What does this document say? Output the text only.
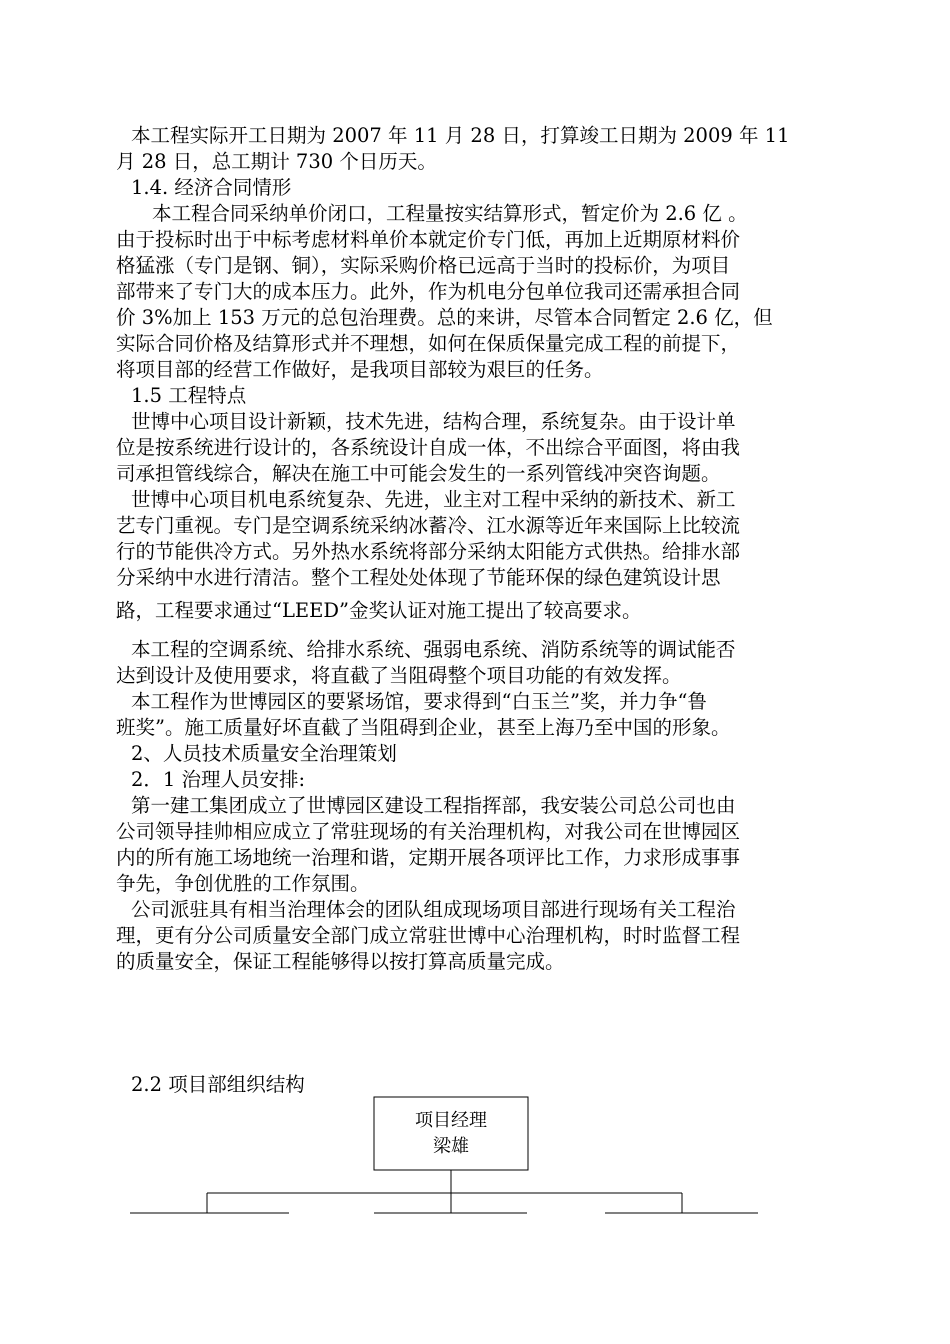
本工程实际开工日期为 2007 年 11 月 28 日，打算竣工日期为 2009 年 11
月 28 日，总工期计 730 个日历天。
1.4. 经济合同情形
本工程合同采纳单价闭口，工程量按实结算形式，暂定价为 2.6 亿 。
由于投标时出于中标考虑材料单价本就定价专门低，再加上近期原材料价
格猛涨（专门是钢、铜），实际采购价格已远高于当时的投标价，为项目
部带来了专门大的成本压力。此外，作为机电分包单位我司还需承担合同
价 3%加上 153 万元的总包治理费。总的来讲，尽管本合同暂定 2.6 亿，但
实际合同价格及结算形式并不理想，如何在保质保量完成工程的前提下，
将项目部的经营工作做好，是我项目部较为艰巨的任务。
1.5 工程特点
世博中心项目设计新颖，技术先进，结构合理，系统复杂。由于设计单
位是按系统进行设计的，各系统设计自成一体，不出综合平面图，将由我
司承担管线综合，解决在施工中可能会发生的一系列管线冲突咨询题。
世博中心项目机电系统复杂、先进，业主对工程中采纳的新技术、新工
艺专门重视。专门是空调系统采纳冰蓄冷、江水源等近年来国际上比较流
行的节能供冷方式。另外热水系统将部分采纳太阳能方式供热。给排水部
分采纳中水进行清洁。整个工程处处体现了节能环保的绿色建筑设计思
路，工程要求通过“LEED”金奖认证对施工提出了较高要求。
本工程的空调系统、给排水系统、强弱电系统、消防系统等的调试能否
达到设计及使用要求，将直截了当阻碍整个项目功能的有效发挥。
本工程作为世博园区的要紧场馆，要求得到“白玉兰”奖，并力争“鲁
班奖”。施工质量好坏直截了当阻碍到企业，甚至上海乃至中国的形象。
2、人员技术质量安全治理策划
2．1 治理人员安排:
第一建工集团成立了世博园区建设工程指挥部，我安装公司总公司也由
公司领导挂帅相应成立了常驻现场的有关治理机构，对我公司在世博园区
内的所有施工场地统一治理和谐，定期开展各项评比工作，力求形成事事
争先，争创优胜的工作氛围。
公司派驻具有相当治理体会的团队组成现场项目部进行现场有关工程治
理，更有分公司质量安全部门成立常驻世博中心治理机构，时时监督工程
的质量安全，保证工程能够得以按打算高质量完成。
2.2 项目部组织结构
项目经理
梁雄
